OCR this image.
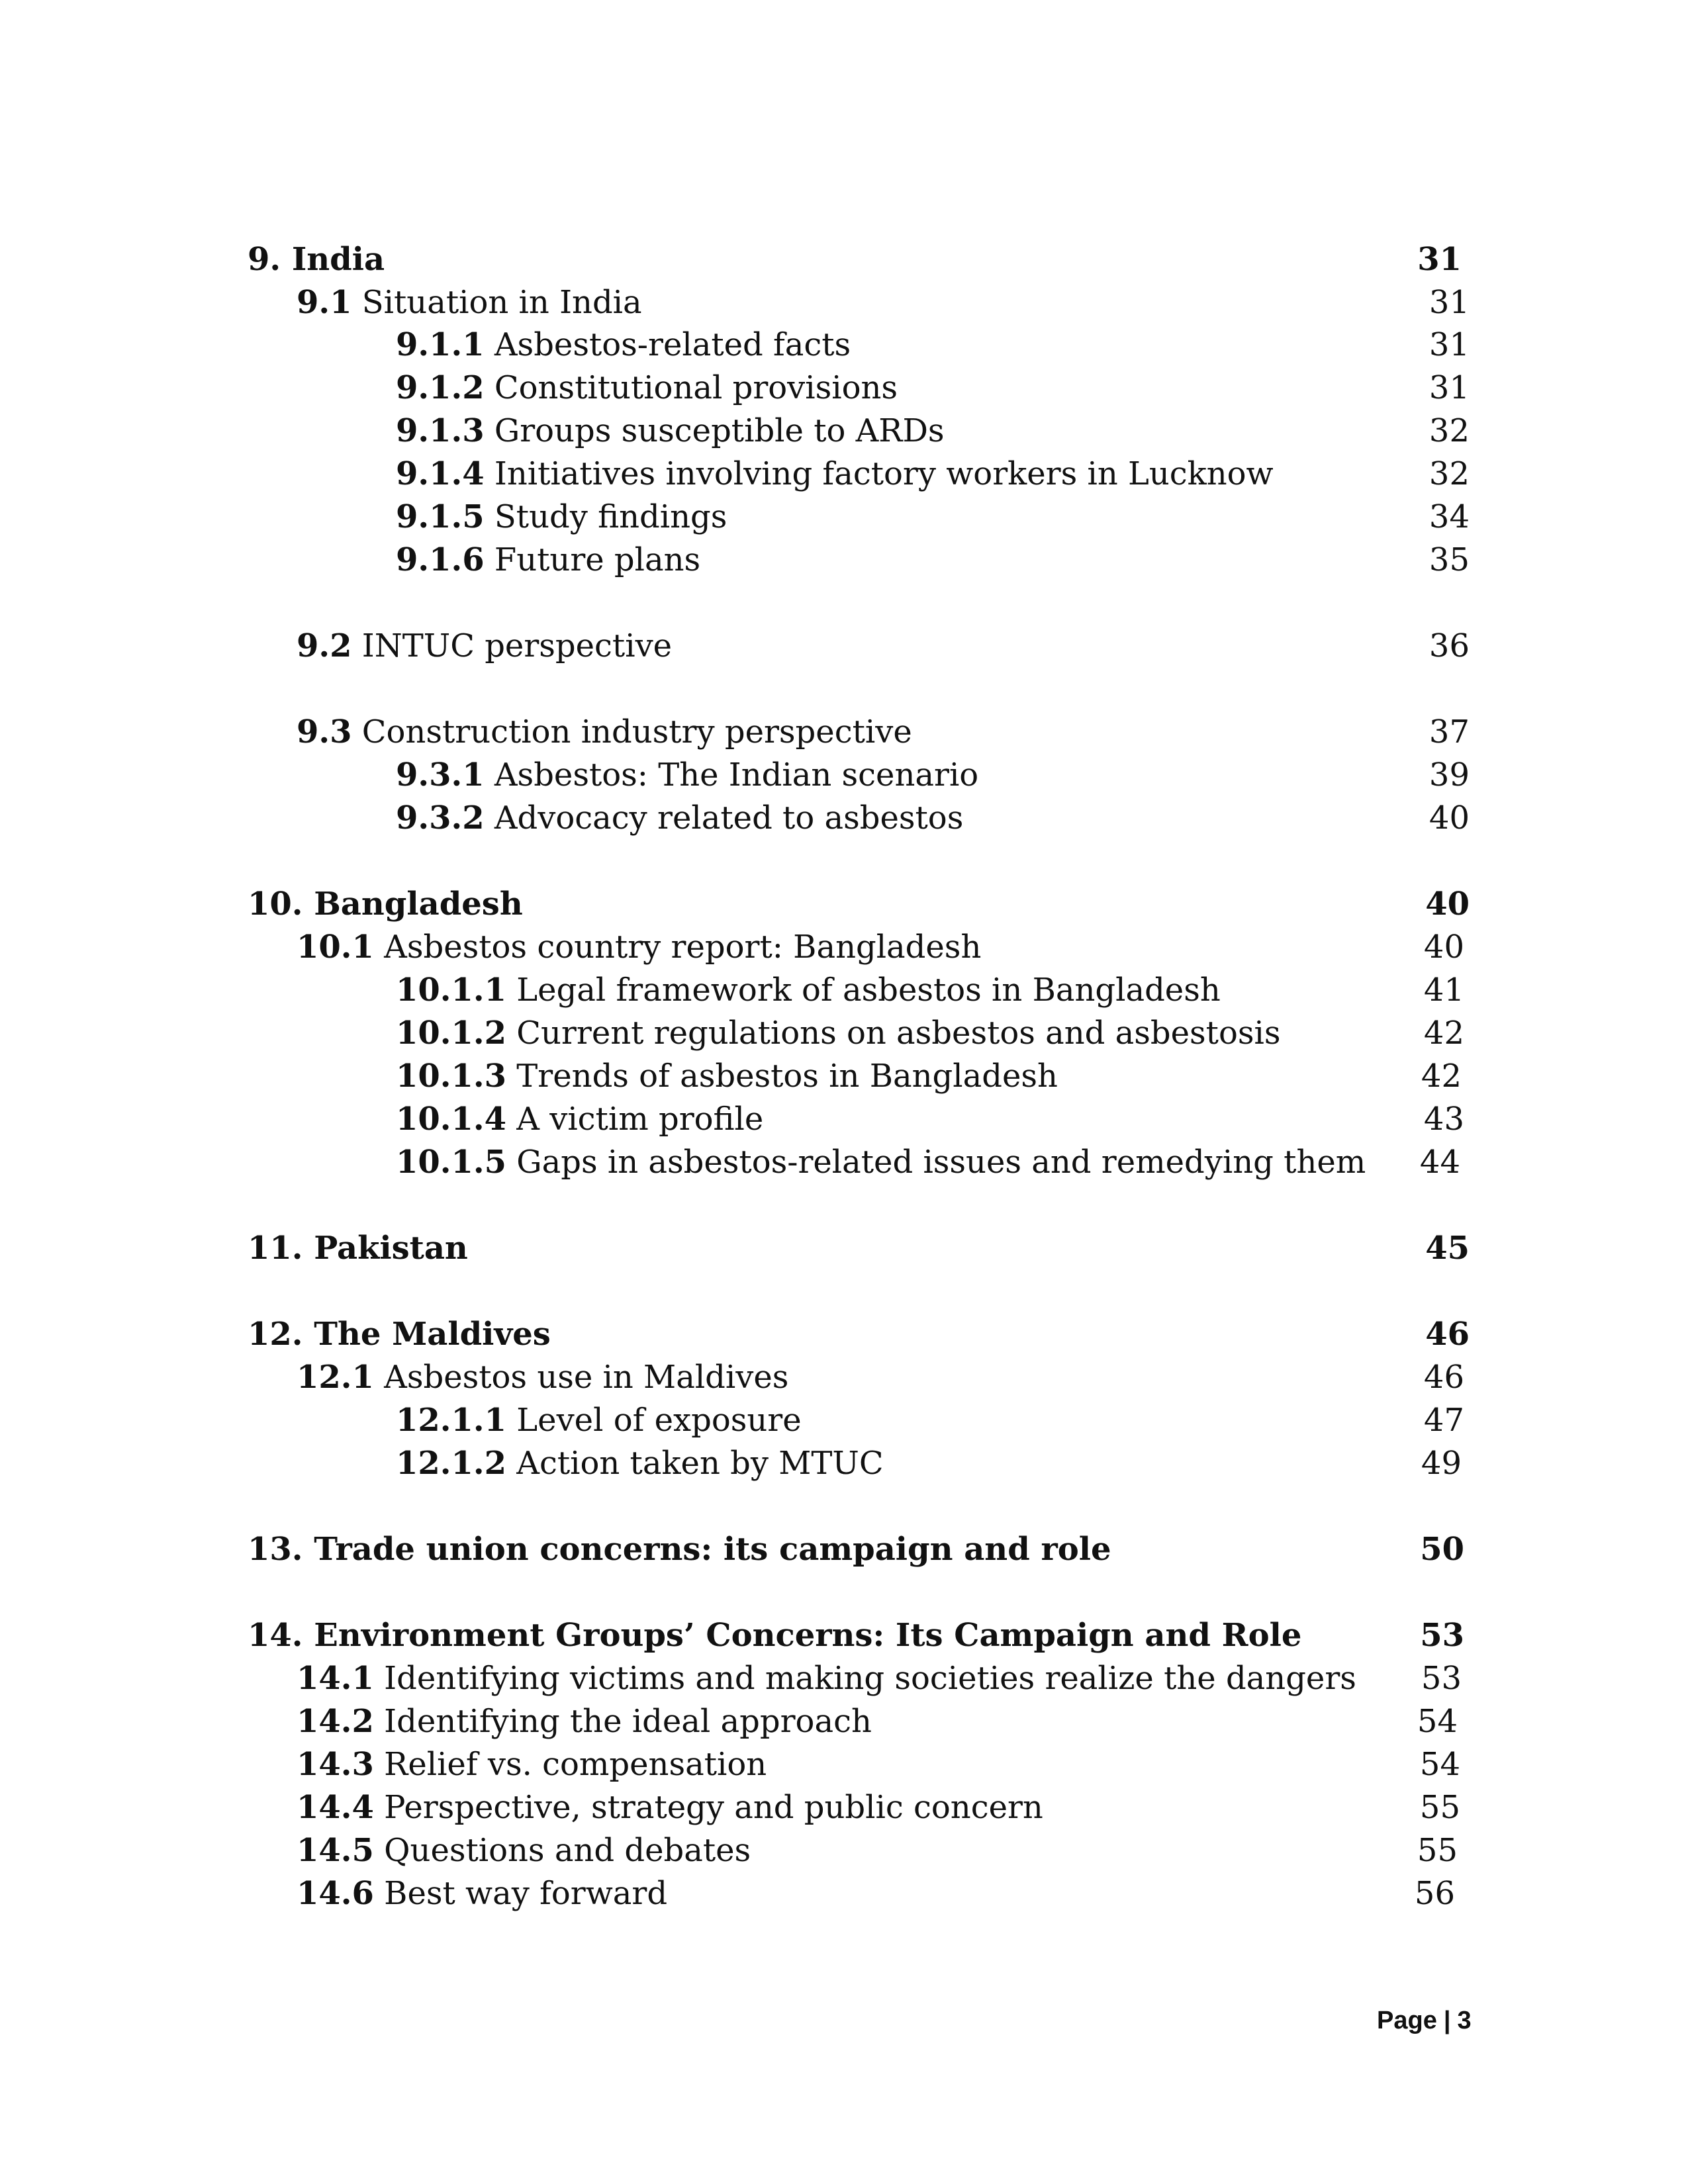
9. India	31
9.1 Situation in India	31
9.1.1 Asbestos-related facts	31
9.1.2 Constitutional provisions	31
9.1.3 Groups susceptible to ARDs	32
9.1.4 Initiatives involving factory workers in Lucknow	32
9.1.5 Study findings	34
9.1.6 Future plans	35
9.2 INTUC perspective	36
9.3 Construction industry perspective	37
9.3.1 Asbestos: The Indian scenario	39
9.3.2 Advocacy related to asbestos	40
10. Bangladesh	40
10.1 Asbestos country report: Bangladesh	40
10.1.1 Legal framework of asbestos in Bangladesh	41
10.1.2 Current regulations on asbestos and asbestosis	42
10.1.3 Trends of asbestos in Bangladesh	42
10.1.4 A victim profile	43
10.1.5 Gaps in asbestos-related issues and remedying them	44
11. Pakistan	45
12. The Maldives	46
12.1 Asbestos use in Maldives	46
12.1.1 Level of exposure	47
12.1.2 Action taken by MTUC	49
13. Trade union concerns: its campaign and role	50
14. Environment Groups’ Concerns: Its Campaign and Role	53
14.1 Identifying victims and making societies realize the dangers	53
14.2 Identifying the ideal approach	54
14.3 Relief vs. compensation	54
14.4 Perspective, strategy and public concern	55
14.5 Questions and debates	55
14.6 Best way forward	56
Page | 3
